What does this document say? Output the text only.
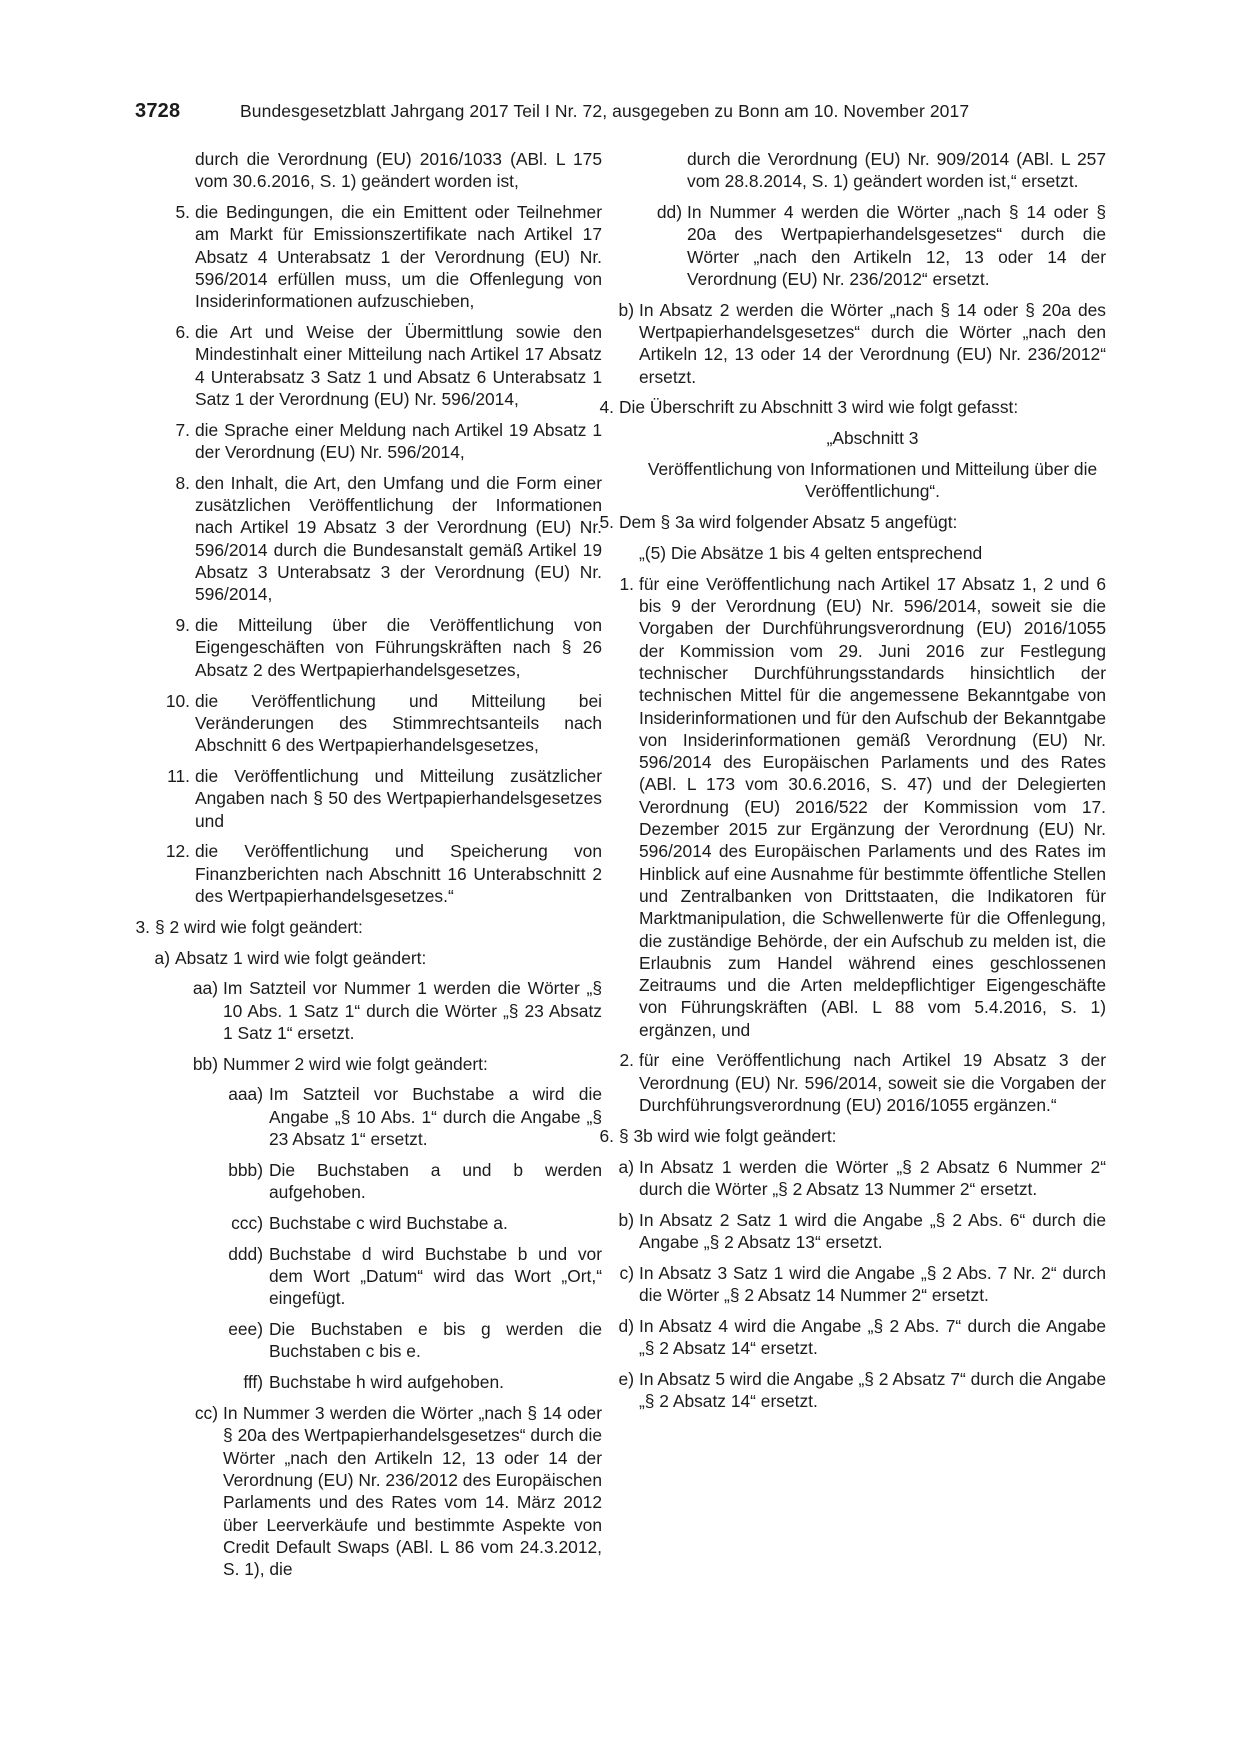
3728	Bundesgesetzblatt Jahrgang 2017 Teil I Nr. 72, ausgegeben zu Bonn am 10. November 2017
durch die Verordnung (EU) 2016/1033 (ABl. L 175 vom 30.6.2016, S. 1) geändert worden ist,
5. die Bedingungen, die ein Emittent oder Teilnehmer am Markt für Emissionszertifikate nach Artikel 17 Absatz 4 Unterabsatz 1 der Verordnung (EU) Nr. 596/2014 erfüllen muss, um die Offenlegung von Insiderinformationen aufzuschieben,
6. die Art und Weise der Übermittlung sowie den Mindestinhalt einer Mitteilung nach Artikel 17 Absatz 4 Unterabsatz 3 Satz 1 und Absatz 6 Unterabsatz 1 Satz 1 der Verordnung (EU) Nr. 596/2014,
7. die Sprache einer Meldung nach Artikel 19 Absatz 1 der Verordnung (EU) Nr. 596/2014,
8. den Inhalt, die Art, den Umfang und die Form einer zusätzlichen Veröffentlichung der Informationen nach Artikel 19 Absatz 3 der Verordnung (EU) Nr. 596/2014 durch die Bundesanstalt gemäß Artikel 19 Absatz 3 Unterabsatz 3 der Verordnung (EU) Nr. 596/2014,
9. die Mitteilung über die Veröffentlichung von Eigengeschäften von Führungskräften nach § 26 Absatz 2 des Wertpapierhandelsgesetzes,
10. die Veröffentlichung und Mitteilung bei Veränderungen des Stimmrechtsanteils nach Abschnitt 6 des Wertpapierhandelsgesetzes,
11. die Veröffentlichung und Mitteilung zusätzlicher Angaben nach § 50 des Wertpapierhandelsgesetzes und
12. die Veröffentlichung und Speicherung von Finanzberichten nach Abschnitt 16 Unterabschnitt 2 des Wertpapierhandelsgesetzes.“
3. § 2 wird wie folgt geändert:
a) Absatz 1 wird wie folgt geändert:
aa) Im Satzteil vor Nummer 1 werden die Wörter „§ 10 Abs. 1 Satz 1“ durch die Wörter „§ 23 Absatz 1 Satz 1“ ersetzt.
bb) Nummer 2 wird wie folgt geändert:
aaa) Im Satzteil vor Buchstabe a wird die Angabe „§ 10 Abs. 1“ durch die Angabe „§ 23 Absatz 1“ ersetzt.
bbb) Die Buchstaben a und b werden aufgehoben.
ccc) Buchstabe c wird Buchstabe a.
ddd) Buchstabe d wird Buchstabe b und vor dem Wort „Datum“ wird das Wort „Ort,“ eingefügt.
eee) Die Buchstaben e bis g werden die Buchstaben c bis e.
fff) Buchstabe h wird aufgehoben.
cc) In Nummer 3 werden die Wörter „nach § 14 oder § 20a des Wertpapierhandelsgesetzes“ durch die Wörter „nach den Artikeln 12, 13 oder 14 der Verordnung (EU) Nr. 236/2012 des Europäischen Parlaments und des Rates vom 14. März 2012 über Leerverkäufe und bestimmte Aspekte von Credit Default Swaps (ABl. L 86 vom 24.3.2012, S. 1), die
durch die Verordnung (EU) Nr. 909/2014 (ABl. L 257 vom 28.8.2014, S. 1) geändert worden ist,“ ersetzt.
dd) In Nummer 4 werden die Wörter „nach § 14 oder § 20a des Wertpapierhandelsgesetzes“ durch die Wörter „nach den Artikeln 12, 13 oder 14 der Verordnung (EU) Nr. 236/2012“ ersetzt.
b) In Absatz 2 werden die Wörter „nach § 14 oder § 20a des Wertpapierhandelsgesetzes“ durch die Wörter „nach den Artikeln 12, 13 oder 14 der Verordnung (EU) Nr. 236/2012“ ersetzt.
4. Die Überschrift zu Abschnitt 3 wird wie folgt gefasst:
„Abschnitt 3
Veröffentlichung von Informationen und Mitteilung über die Veröffentlichung“.
5. Dem § 3a wird folgender Absatz 5 angefügt:
„(5) Die Absätze 1 bis 4 gelten entsprechend
1. für eine Veröffentlichung nach Artikel 17 Absatz 1, 2 und 6 bis 9 der Verordnung (EU) Nr. 596/2014, soweit sie die Vorgaben der Durchführungsverordnung (EU) 2016/1055 der Kommission vom 29. Juni 2016 zur Festlegung technischer Durchführungsstandards hinsichtlich der technischen Mittel für die angemessene Bekanntgabe von Insiderinformationen und für den Aufschub der Bekanntgabe von Insiderinformationen gemäß Verordnung (EU) Nr. 596/2014 des Europäischen Parlaments und des Rates (ABl. L 173 vom 30.6.2016, S. 47) und der Delegierten Verordnung (EU) 2016/522 der Kommission vom 17. Dezember 2015 zur Ergänzung der Verordnung (EU) Nr. 596/2014 des Europäischen Parlaments und des Rates im Hinblick auf eine Ausnahme für bestimmte öffentliche Stellen und Zentralbanken von Drittstaaten, die Indikatoren für Marktmanipulation, die Schwellenwerte für die Offenlegung, die zuständige Behörde, der ein Aufschub zu melden ist, die Erlaubnis zum Handel während eines geschlossenen Zeitraums und die Arten meldepflichtiger Eigengeschäfte von Führungskräften (ABl. L 88 vom 5.4.2016, S. 1) ergänzen, und
2. für eine Veröffentlichung nach Artikel 19 Absatz 3 der Verordnung (EU) Nr. 596/2014, soweit sie die Vorgaben der Durchführungsverordnung (EU) 2016/1055 ergänzen.“
6. § 3b wird wie folgt geändert:
a) In Absatz 1 werden die Wörter „§ 2 Absatz 6 Nummer 2“ durch die Wörter „§ 2 Absatz 13 Nummer 2“ ersetzt.
b) In Absatz 2 Satz 1 wird die Angabe „§ 2 Abs. 6“ durch die Angabe „§ 2 Absatz 13“ ersetzt.
c) In Absatz 3 Satz 1 wird die Angabe „§ 2 Abs. 7 Nr. 2“ durch die Wörter „§ 2 Absatz 14 Nummer 2“ ersetzt.
d) In Absatz 4 wird die Angabe „§ 2 Abs. 7“ durch die Angabe „§ 2 Absatz 14“ ersetzt.
e) In Absatz 5 wird die Angabe „§ 2 Absatz 7“ durch die Angabe „§ 2 Absatz 14“ ersetzt.
